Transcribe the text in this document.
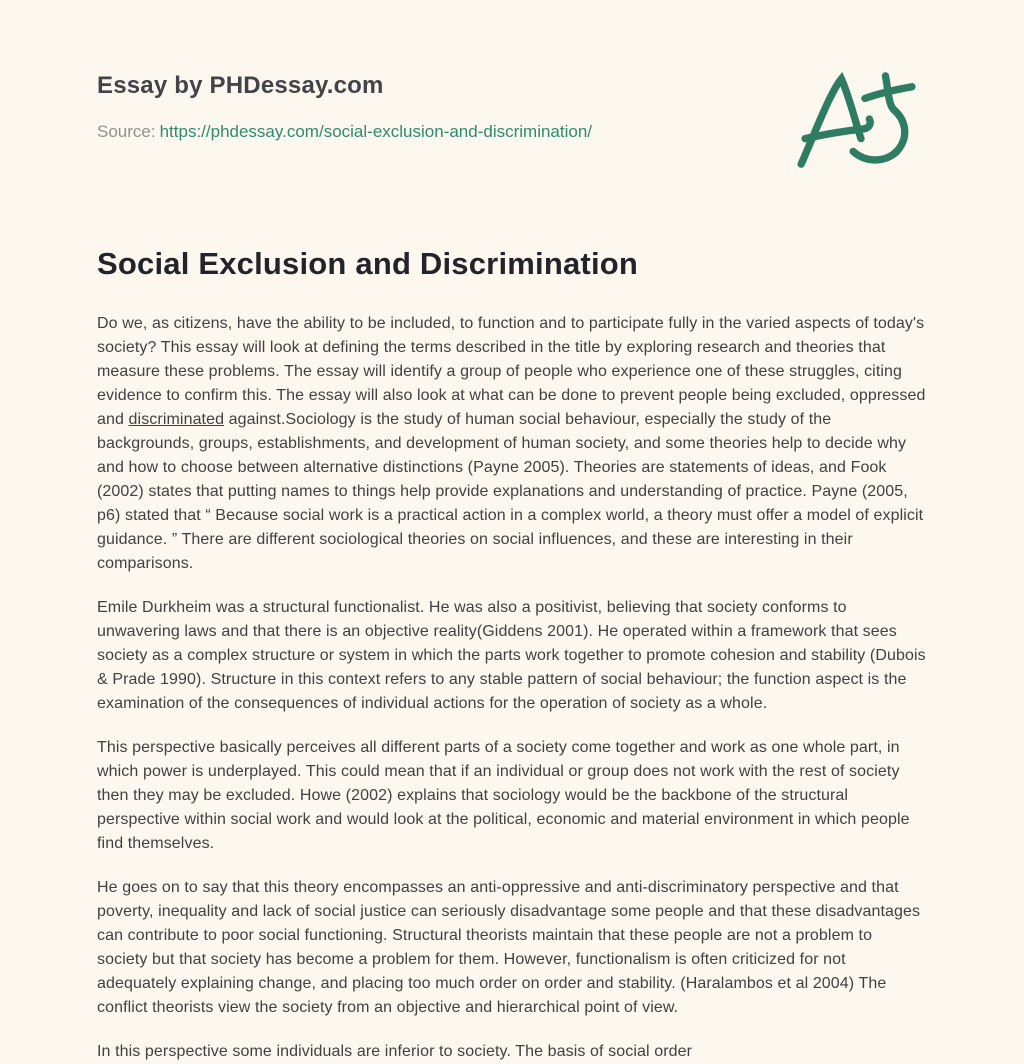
Essay by PHDessay.com
Source: https://phdessay.com/social-exclusion-and-discrimination/
Social Exclusion and Discrimination

Do we, as citizens, have the ability to be included, to function and to participate fully in the varied aspects of today's society? This essay will look at defining the terms described in the title by exploring research and theories that measure these problems. The essay will identify a group of people who experience one of these struggles, citing evidence to confirm this. The essay will also look at what can be done to prevent people being excluded, oppressed and discriminated against.Sociology is the study of human social behaviour, especially the study of the backgrounds, groups, establishments, and development of human society, and some theories help to decide why and how to choose between alternative distinctions (Payne 2005). Theories are statements of ideas, and Fook (2002) states that putting names to things help provide explanations and understanding of practice. Payne (2005, p6) stated that “ Because social work is a practical action in a complex world, a theory must offer a model of explicit guidance. ” There are different sociological theories on social influences, and these are interesting in their comparisons.

Emile Durkheim was a structural functionalist. He was also a positivist, believing that society conforms to unwavering laws and that there is an objective reality(Giddens 2001). He operated within a framework that sees society as a complex structure or system in which the parts work together to promote cohesion and stability (Dubois & Prade 1990). Structure in this context refers to any stable pattern of social behaviour; the function aspect is the examination of the consequences of individual actions for the operation of society as a whole.

This perspective basically perceives all different parts of a society come together and work as one whole part, in which power is underplayed. This could mean that if an individual or group does not work with the rest of society then they may be excluded. Howe (2002) explains that sociology would be the backbone of the structural perspective within social work and would look at the political, economic and material environment in which people find themselves.

He goes on to say that this theory encompasses an anti-oppressive and anti-discriminatory perspective and that poverty, inequality and lack of social justice can seriously disadvantage some people and that these disadvantages can contribute to poor social functioning. Structural theorists maintain that these people are not a problem to society but that society has become a problem for them. However, functionalism is often criticized for not adequately explaining change, and placing too much order on order and stability. (Haralambos et al 2004) The conflict theorists view the society from an objective and hierarchical point of view.

In this perspective some individuals are inferior to society. The basis of social order
